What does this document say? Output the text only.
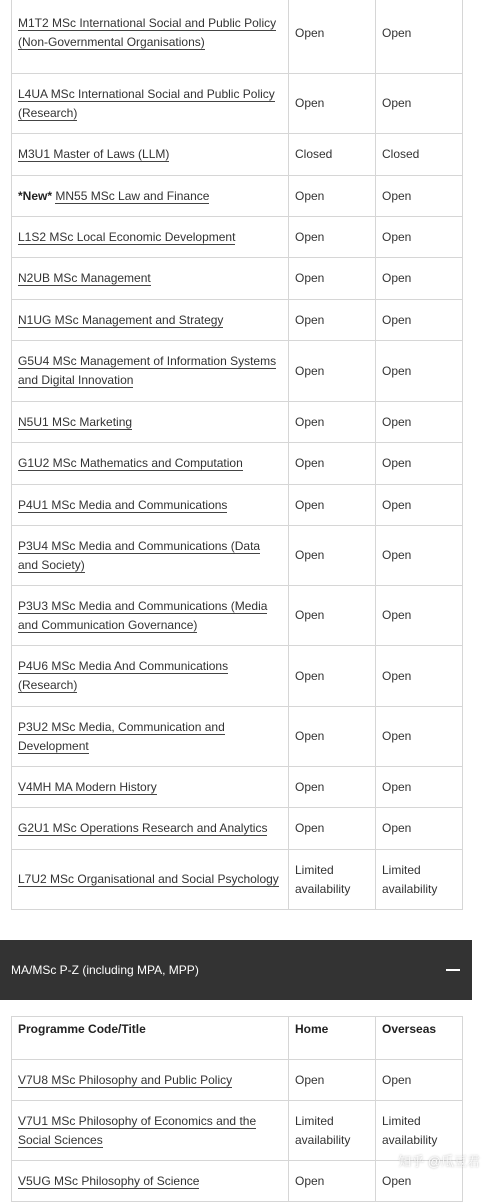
M1T2 MSc International Social and Public Policy (Non-Governmental Organisations)	Open	Open
L4UA MSc International Social and Public Policy (Research)	Open	Open
M3U1 Master of Laws (LLM)	Closed	Closed
*New* MN55 MSc Law and Finance	Open	Open
L1S2 MSc Local Economic Development	Open	Open
N2UB MSc Management	Open	Open
N1UG MSc Management and Strategy	Open	Open
G5U4 MSc Management of Information Systems and Digital Innovation	Open	Open
N5U1 MSc Marketing	Open	Open
G1U2 MSc Mathematics and Computation	Open	Open
P4U1 MSc Media and Communications	Open	Open
P3U4 MSc Media and Communications (Data and Society)	Open	Open
P3U3 MSc Media and Communications (Media and Communication Governance)	Open	Open
P4U6 MSc Media And Communications (Research)	Open	Open
P3U2 MSc Media, Communication and Development	Open	Open
V4MH MA Modern History	Open	Open
G2U1 MSc Operations Research and Analytics	Open	Open
L7U2 MSc Organisational and Social Psychology	Limited availability	Limited availability
MA/MSc P-Z (including MPA, MPP)
Programme Code/Title	Home	Overseas
V7U8 MSc Philosophy and Public Policy	Open	Open
V7U1 MSc Philosophy of Economics and the Social Sciences	Limited availability	Limited availability
V5UG MSc Philosophy of Science	Open	Open
知乎 @瓜豆君
